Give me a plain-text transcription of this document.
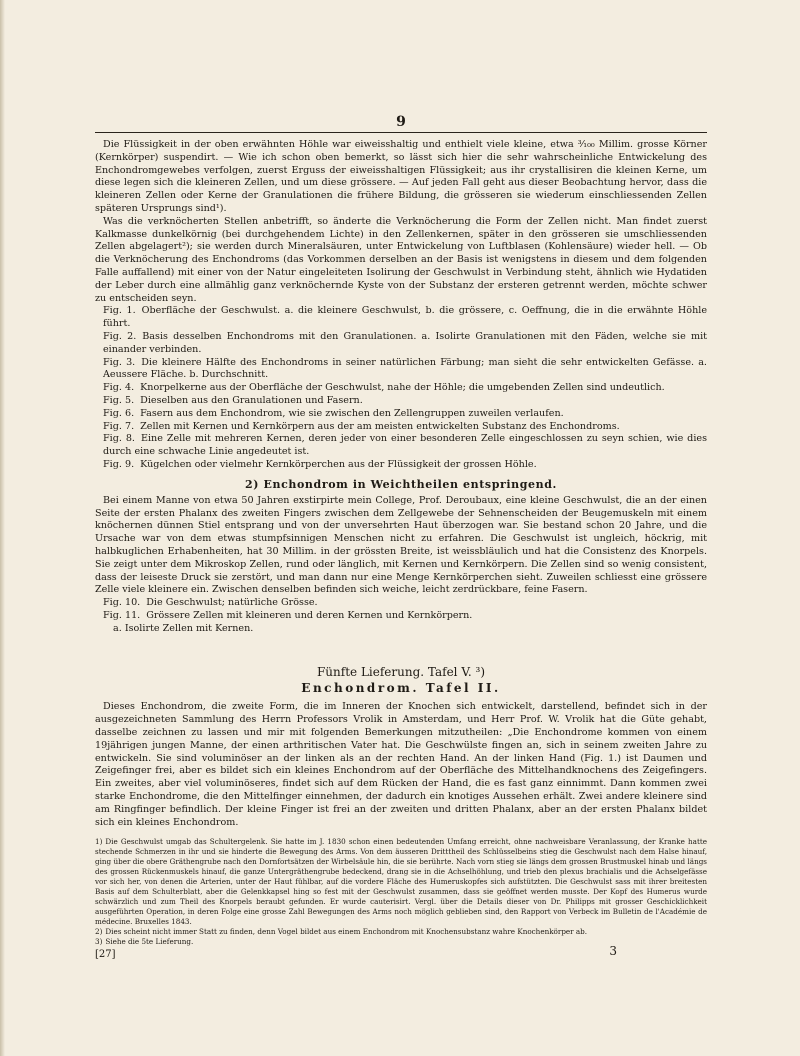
9

Die Flüssigkeit in der oben erwähnten Höhle war eiweisshaltig und enthielt viele kleine, etwa ³⁄₁₀₀ Millim. grosse Körner (Kernkörper) suspendirt. — Wie ich schon oben bemerkt, so lässt sich hier die sehr wahrscheinliche Entwickelung des Enchondromgewebes verfolgen, zuerst Erguss der eiweisshaltigen Flüssigkeit; aus ihr crystallisiren die kleinen Kerne, um diese legen sich die kleineren Zellen, und um diese grössere. — Auf jeden Fall geht aus dieser Beobachtung hervor, dass die kleineren Zellen oder Kerne der Granulationen die frühere Bildung, die grösseren sie wiederum einschliessenden Zellen späteren Ursprungs sind¹).

Was die verknöcherten Stellen anbetrifft, so änderte die Verknöcherung die Form der Zellen nicht. Man findet zuerst Kalkmasse dunkelkörnig (bei durchgehendem Lichte) in den Zellenkernen, später in den grösseren sie umschliessenden Zellen abgelagert²); sie werden durch Mineralsäuren, unter Entwickelung von Luftblasen (Kohlensäure) wieder hell. — Ob die Verknöcherung des Enchondroms (das Vorkommen derselben an der Basis ist wenigstens in diesem und dem folgenden Falle auffallend) mit einer von der Natur eingeleiteten Isolirung der Geschwulst in Verbindung steht, ähnlich wie Hydatiden der Leber durch eine allmählig ganz verknöchernde Kyste von der Substanz der ersteren getrennt werden, möchte schwer zu entscheiden seyn.

Fig. 1. Oberfläche der Geschwulst. a. die kleinere Geschwulst, b. die grössere, c. Oeffnung, die in die erwähnte Höhle führt.
Fig. 2. Basis desselben Enchondroms mit den Granulationen. a. Isolirte Granulationen mit den Fäden, welche sie mit einander verbinden.
Fig. 3. Die kleinere Hälfte des Enchondroms in seiner natürlichen Färbung; man sieht die sehr entwickelten Gefässe. a. Aeussere Fläche. b. Durchschnitt.
Fig. 4. Knorpelkerne aus der Oberfläche der Geschwulst, nahe der Höhle; die umgebenden Zellen sind undeutlich.
Fig. 5. Dieselben aus den Granulationen und Fasern.
Fig. 6. Fasern aus dem Enchondrom, wie sie zwischen den Zellengruppen zuweilen verlaufen.
Fig. 7. Zellen mit Kernen und Kernkörpern aus der am meisten entwickelten Substanz des Enchondroms.
Fig. 8. Eine Zelle mit mehreren Kernen, deren jeder von einer besonderen Zelle eingeschlossen zu seyn schien, wie dies durch eine schwache Linie angedeutet ist.
Fig. 9. Kügelchen oder vielmehr Kernkörperchen aus der Flüssigkeit der grossen Höhle.
2) Enchondrom in Weichtheilen entspringend.

Bei einem Manne von etwa 50 Jahren exstirpirte mein College, Prof. Deroubaux, eine kleine Geschwulst, die an der einen Seite der ersten Phalanx des zweiten Fingers zwischen dem Zellgewebe der Sehnenscheiden der Beugemuskeln mit einem knöchernen dünnen Stiel entsprang und von der unversehrten Haut überzogen war. Sie bestand schon 20 Jahre, und die Ursache war von dem etwas stumpfsinnigen Menschen nicht zu erfahren. Die Geschwulst ist ungleich, höckrig, mit halbkuglichen Erhabenheiten, hat 30 Millim. in der grössten Breite, ist weissbläulich und hat die Consistenz des Knorpels. Sie zeigt unter dem Mikroskop Zellen, rund oder länglich, mit Kernen und Kernkörpern. Die Zellen sind so wenig consistent, dass der leiseste Druck sie zerstört, und man dann nur eine Menge Kernkörperchen sieht. Zuweilen schliesst eine grössere Zelle viele kleinere ein. Zwischen denselben befinden sich weiche, leicht zerdrückbare, feine Fasern.

Fig. 10. Die Geschwulst; natürliche Grösse.
Fig. 11. Grössere Zellen mit kleineren und deren Kernen und Kernkörpern.
a. Isolirte Zellen mit Kernen.
Fünfte Lieferung. Tafel V. ³)
Enchondrom. Tafel II.

Dieses Enchondrom, die zweite Form, die im Inneren der Knochen sich entwickelt, darstellend, befindet sich in der ausgezeichneten Sammlung des Herrn Professors Vrolik in Amsterdam, und Herr Prof. W. Vrolik hat die Güte gehabt, dasselbe zeichnen zu lassen und mir mit folgenden Bemerkungen mitzutheilen: „Die Enchondrome kommen von einem 19jährigen jungen Manne, der einen arthritischen Vater hat. Die Geschwülste fingen an, sich in seinem zweiten Jahre zu entwickeln. Sie sind voluminöser an der linken als an der rechten Hand. An der linken Hand (Fig. 1.) ist Daumen und Zeigefinger frei, aber es bildet sich ein kleines Enchondrom auf der Oberfläche des Mittelhandknochens des Zeigefingers. Ein zweites, aber viel voluminöseres, findet sich auf dem Rücken der Hand, die es fast ganz einnimmt. Dann kommen zwei starke Enchondrome, die den Mittelfinger einnehmen, der dadurch ein knotiges Aussehen erhält. Zwei andere kleinere sind am Ringfinger befindlich. Der kleine Finger ist frei an der zweiten und dritten Phalanx, aber an der ersten Phalanx bildet sich ein kleines Enchondrom.

1) Die Geschwulst umgab das Schultergelenk. Sie hatte im J. 1830 schon einen bedeutenden Umfang erreicht, ohne nachweisbare Veranlassung, der Kranke hatte stechende Schmerzen in ihr und sie hinderte die Bewegung des Arms. Von dem äusseren Dritttheil des Schlüsselbeins stieg die Geschwulst nach dem Halse hinauf, ging über die obere Gräthengrube nach den Dornfortsätzen der Wirbelsäule hin, die sie berührte. Nach vorn stieg sie längs dem grossen Brustmuskel hinab und längs des grossen Rückenmuskels hinauf, die ganze Untergräthengrube bedeckend, drang sie in die Achselhöhlung, und trieb den plexus brachialis und die Achselgefässe vor sich her, von denen die Arterien, unter der Haut fühlbar, auf die vordere Fläche des Humeruskopfes sich aufstützten. Die Geschwulst sass mit ihrer breitesten Basis auf dem Schulterblatt, aber die Gelenkkapsel hing so fest mit der Geschwulst zusammen, dass sie geöffnet werden musste. Der Kopf des Humerus wurde schwärzlich und zum Theil des Knorpels beraubt gefunden. Er wurde cauterisirt. Vergl. über die Details dieser von Dr. Philipps mit grosser Geschicklichkeit ausgeführten Operation, in deren Folge eine grosse Zahl Bewegungen des Arms noch möglich geblieben sind, den Rapport von Verbeck im Bulletin de l'Académie de médecine. Bruxelles 1843.

2) Dies scheint nicht immer Statt zu finden, denn Vogel bildet aus einem Enchondrom mit Knochensubstanz wahre Knochenkörper ab.

3) Siehe die 5te Lieferung.

[27]	3
